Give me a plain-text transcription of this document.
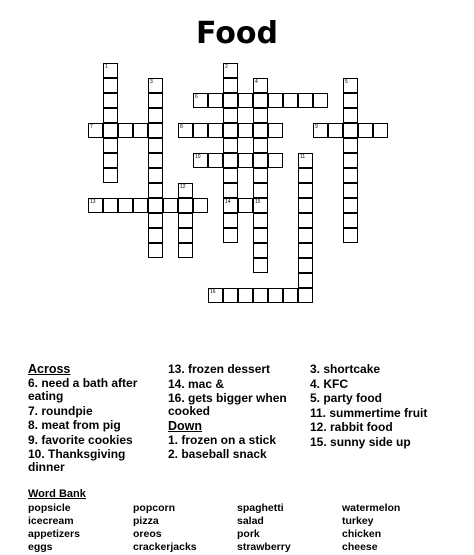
Food
1	2
14
3	4	5
6
7	8	9
10	11
12
13	15
16
Across
6. need a bath after eating
7. roundpie
8. meat from pig
9. favorite cookies
10. Thanksgiving dinner
13. frozen dessert
14. mac &
16. gets bigger when cooked
Down
1. frozen on a stick
2. baseball snack
3. shortcake
4. KFC
5. party food
11. summertime fruit
12. rabbit food
15. sunny side up
Word Bank
popsicle	popcorn	spaghetti	watermelon
icecream	pizza	salad	turkey
appetizers	oreos	pork	chicken
eggs	crackerjacks	strawberry	cheese
